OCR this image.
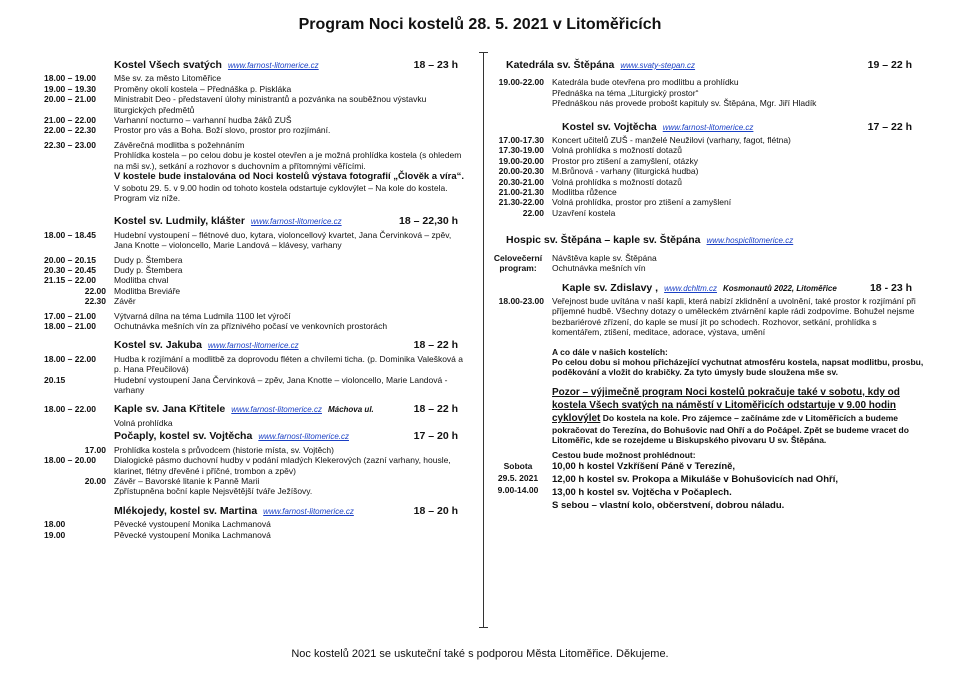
Program Noci kostelů 28. 5. 2021 v Litoměřicích
Kostel Všech svatých www.farnost-litomerice.cz	18 – 23 h
18.00 – 19.00	Mše sv. za město Litoměřice
19.00 – 19.30	Proměny okolí kostela – Přednáška p. Piskláka
20.00 – 21.00	Ministrabit Deo - představení úlohy ministrantů a pozvánka na souběžnou výstavku liturgických předmětů
21.00 – 22.00	Varhanní nocturno – varhanní hudba žáků ZUŠ
22.00 – 22.30	Prostor pro vás a Boha. Boží slovo, prostor pro rozjímání.
22.30 – 23.00	Závěrečná modlitba s požehnáním
Prohlídka kostela – po celou dobu je kostel otevřen a je možná prohlídka kostela (s ohledem na mši sv.), setkání a rozhovor s duchovním a přítomnými věřícími.
V kostele bude instalována od Noci kostelů výstava fotografií „Člověk a víra“.
V sobotu 29. 5. v 9.00 hodin od tohoto kostela odstartuje cyklovýlet – Na kole do kostela. Program viz níže.
Kostel sv. Ludmily, klášter www.farnost-litomerice.cz	18 – 22,30 h
18.00 – 18.45	Hudební vystoupení – flétnové duo, kytara, violoncellový kvartet, Jana Červinková – zpěv, Jana Knotte – violoncello, Marie Landová – klávesy, varhany
20.00 – 20.15	Dudy p. Štembera
20.30 – 20.45	Dudy p. Štembera
21.15 – 22.00	Modlitba chval
22.00 Modlitba Breviáře
22.30 Závěr
17.00 – 21.00	Výtvarná dílna na téma Ludmila 1100 let výročí
18.00 – 21.00	Ochutnávka mešních vín za příznivého počasí ve venkovních prostorách
Kostel sv. Jakuba www.farnost-litomerice.cz	18 – 22 h
18.00 – 22.00	Hudba k rozjímání a modlitbě za doprovodu fléten a chvílemi ticha. (p. Dominika Valešková a p. Hana Přeučilová)
20.15	Hudební vystoupení Jana Červinková – zpěv, Jana Knotte – violoncello, Marie Landová - varhany
18.00 – 22.00	Kaple sv. Jana Křtitele www.farnost-litomerice.cz Máchova ul.	18 – 22 h
Volná prohlídka
Počaply, kostel sv. Vojtěcha www.farnost-litomerice.cz	17 – 20 h
17.00 Prohlídka kostela s průvodcem (historie místa, sv. Vojtěch)
18.00 – 20.00	Dialogické pásmo duchovní hudby v podání mladých Klekerových (zazní varhany, housle, klarinet, flétny dřevěné i příčné, trombon a zpěv)
20.00 Závěr – Bavorské litanie k Panně Marii
Zpřístupněna boční kaple Nejsvětější tváře Ježíšovy.
Mlékojedy, kostel sv. Martina www.farnost-litomerice.cz	18 – 20 h
18.00	Pěvecké vystoupení Monika Lachmanová
19.00	Pěvecké vystoupení Monika Lachmanová
Katedrála sv. Štěpána www.svaty-stepan.cz	19 – 22 h
19.00-22.00 Katedrála bude otevřena pro modlitbu a prohlídku
Přednáška na téma „Liturgický prostor“
Přednáškou nás provede probošt kapituly sv. Štěpána, Mgr. Jiří Hladík
Kostel sv. Vojtěcha www.farnost-litomerice.cz	17 – 22 h
17.00-17.30 Koncert učitelů ZUŠ - manželé Neužilovi (varhany, fagot, flétna)
17.30-19.00 Volná prohlídka s možností dotazů
19.00-20.00 Prostor pro ztišení a zamyšlení, otázky
20.00-20.30 M.Brůnová - varhany (liturgická hudba)
20.30-21.00 Volná prohlídka s možností dotazů
21.00-21.30 Modlitba růžence
21.30-22.00 Volná prohlídka, prostor pro ztišení a zamyšlení
22.00 Uzavření kostela
Hospic sv. Štěpána – kaple sv. Štěpána www.hospiclitomerice.cz
Celovečerní program:
Návštěva kaple sv. Štěpána
Ochutnávka mešních vín
Kaple sv. Zdislavy , www.dchltm.cz Kosmonautů 2022, Litoměřice	18 - 23 h
18.00-23.00 Veřejnost bude uvítána v naší kapli, která nabízí zklidnění a uvolnění, také prostor k rozjímání při příjemné hudbě. Všechny dotazy o uměleckém ztvárnění kaple rádi zodpovíme. Bohužel nejsme bezbariérové zřízení, do kaple se musí jít po schodech. Rozhovor, setkání, prohlídka s komentářem, ztišení, meditace, adorace, výstava, umění
A co dále v našich kostelích:
Po celou dobu si mohou přicházející vychutnat atmosféru kostela, napsat modlitbu, prosbu, poděkování a vložit do krabičky. Za tyto úmysly bude sloužena mše sv.
Pozor – výjimečně program Noci kostelů pokračuje také v sobotu, kdy od kostela Všech svatých na náměstí v Litoměřicích odstartuje v 9.00 hodin cyklovýlet Do kostela na kole. Pro zájemce – začínáme zde v Litoměřicích a budeme pokračovat do Terezína, do Bohušovic nad Ohří a do Počápel. Zpět se budeme vracet do Litoměřic, kde se rozejdeme u Biskupského pivovaru U sv. Štěpána.
Cestou bude možnost prohlédnout:
Sobota
29.5. 2021
9.00-14.00
10,00 h kostel Vzkříšení Páně v Terezíně,
12,00 h kostel sv. Prokopa a Mikuláše v Bohušovicích nad Ohří,
13,00 h kostel sv. Vojtěcha v Počaplech.
S sebou – vlastní kolo, občerstvení, dobrou náladu.
Noc kostelů 2021 se uskuteční také s podporou Města Litoměřice. Děkujeme.
